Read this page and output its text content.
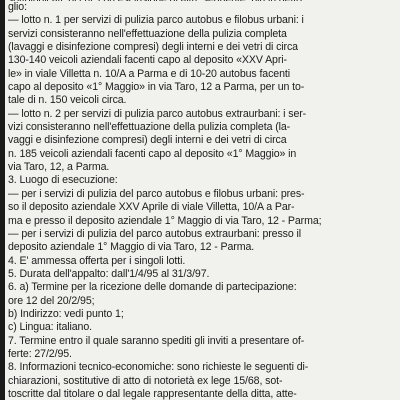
glio:
— lotto n. 1 per servizi di pulizia parco autobus e filobus urbani: i
servizi consisteranno nell'effettuazione della pulizia completa
(lavaggi e disinfezione compresi) degli interni e dei vetri di circa
130-140 veicoli aziendali facenti capo al deposito «XXV Apri-
le» in viale Villetta n. 10/A a Parma e di 10-20 autobus facenti
capo al deposito «1° Maggio» in via Taro, 12 a Parma, per un to-
tale di n. 150 veicoli circa.
— lotto n. 2 per servizi di pulizia parco autobus extraurbani: i ser-
vizi consisteranno nell'effettuazione della pulizia completa (la-
vaggi e disinfezione compresi) degli interni e dei vetri di circa
n. 185 veicoli aziendali facenti capo al deposito «1° Maggio» in
via Taro, 12, a Parma.
3. Luogo di esecuzione:
— per i servizi di pulizia del parco autobus e filobus urbani: pres-
so il deposito aziendale XXV Aprile di viale Villetta, 10/A a Par-
ma e presso il deposito aziendale 1° Maggio di via Taro, 12 - Parma;
— per i servizi di pulizia del parco autobus extraurbani: presso il
deposito aziendale 1° Maggio di via Taro, 12 - Parma.
4. E' ammessa offerta per i singoli lotti.
5. Durata dell'appalto: dall'1/4/95 al 31/3/97.
6. a) Termine per la ricezione delle domande di partecipazione:
ore 12 del 20/2/95;
b) Indirizzo: vedi punto 1;
c) Lingua: italiano.
7. Termine entro il quale saranno spediti gli inviti a presentare of-
ferte: 27/2/95.
8. Informazioni tecnico-economiche: sono richieste le seguenti di-
chiarazioni, sostitutive di atto di notorietà ex lege 15/68, sot-
toscritte dal titolare o dal legale rappresentante della ditta, atte-
